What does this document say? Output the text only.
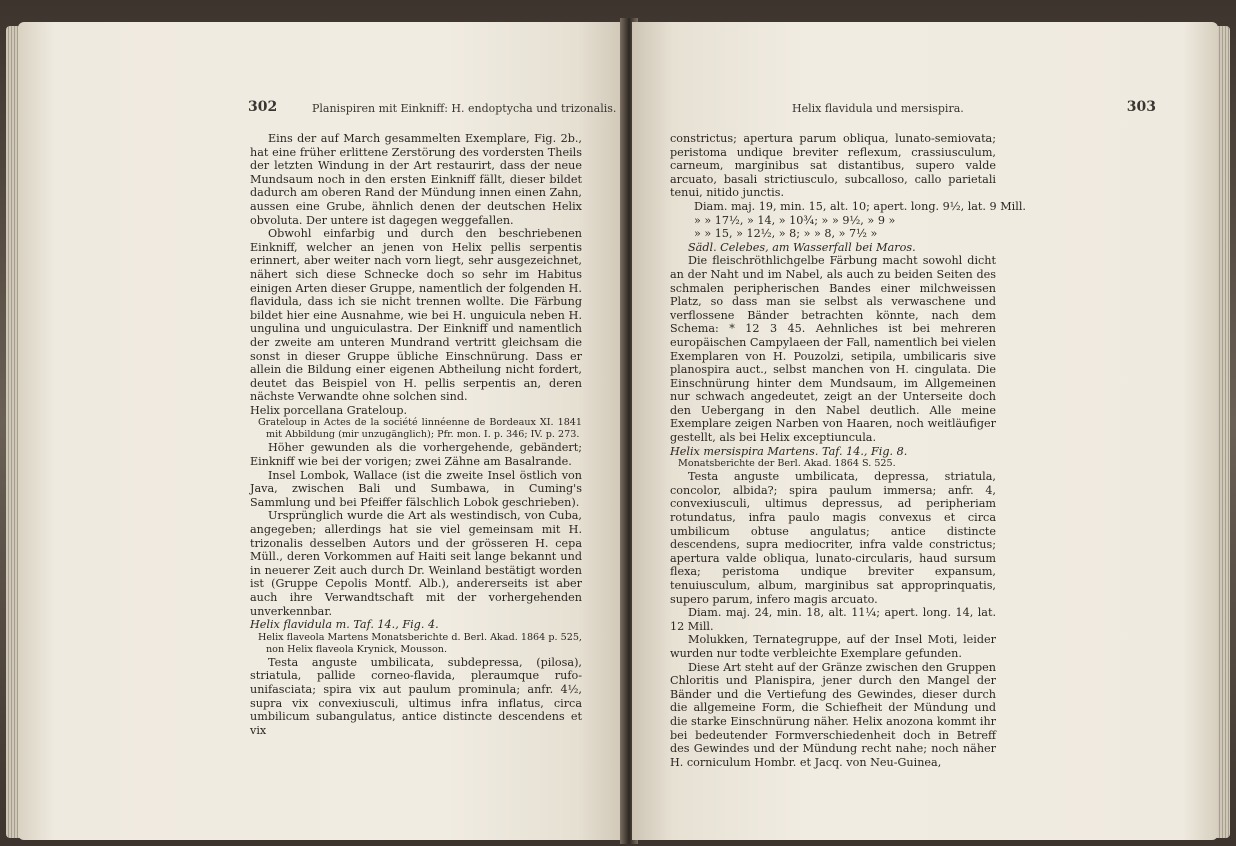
302	Planispiren mit Einkniff: H. endoptycha und trizonalis.

Eins der auf March gesammelten Exemplare, Fig. 2b., hat eine früher erlittene Zerstörung des vordersten Theils der letzten Windung in der Art restaurirt, dass der neue Mundsaum noch in den ersten Einkniff fällt, dieser bildet dadurch am oberen Rand der Mündung innen einen Zahn, aussen eine Grube, ähnlich denen der deutschen Helix obvoluta. Der untere ist dagegen weggefallen.

Obwohl einfarbig und durch den beschriebenen Einkniff, welcher an jenen von Helix pellis serpentis erinnert, aber weiter nach vorn liegt, sehr ausgezeichnet, nähert sich diese Schnecke doch so sehr im Habitus einigen Arten dieser Gruppe, namentlich der folgenden H. flavidula, dass ich sie nicht trennen wollte. Die Färbung bildet hier eine Ausnahme, wie bei H. unguicula neben H. ungulina und unguiculastra. Der Einkniff und namentlich der zweite am unteren Mundrand vertritt gleichsam die sonst in dieser Gruppe übliche Einschnürung. Dass er allein die Bildung einer eigenen Abtheilung nicht fordert, deutet das Beispiel von H. pellis serpentis an, deren nächste Verwandte ohne solchen sind.

Helix porcellana Grateloup.

Grateloup in Actes de la société linnéenne de Bordeaux XI. 1841 mit Abbildung (mir unzugänglich); Pfr. mon. I. p. 346; IV. p. 273.

Höher gewunden als die vorhergehende, gebändert; Einkniff wie bei der vorigen; zwei Zähne am Basalrande.

Insel Lombok, Wallace (ist die zweite Insel östlich von Java, zwischen Bali und Sumbawa, in Cuming's Sammlung und bei Pfeiffer fälschlich Lobok geschrieben).

Ursprünglich wurde die Art als westindisch, von Cuba, angegeben; allerdings hat sie viel gemeinsam mit H. trizonalis desselben Autors und der grösseren H. cepa Müll., deren Vorkommen auf Haiti seit lange bekannt und in neuerer Zeit auch durch Dr. Weinland bestätigt worden ist (Gruppe Cepolis Montf. Alb.), andererseits ist aber auch ihre Verwandtschaft mit der vorhergehenden unverkennbar.

Helix flavidula m. Taf. 14., Fig. 4.

Helix flaveola Martens Monatsberichte d. Berl. Akad. 1864 p. 525, non Helix flaveola Krynick, Mousson.

Testa anguste umbilicata, subdepressa, (pilosa), striatula, pallide corneo-flavida, pleraumque rufo-unifasciata; spira vix aut paulum prominula; anfr. 4½, supra vix convexiusculi, ultimus infra inflatus, circa umbilicum subangulatus, antice distincte descendens et vix

Helix flavidula und mersispira.	303

constrictus; apertura parum obliqua, lunato-semiovata; peristoma undique breviter reflexum, crassiusculum, carneum, marginibus sat distantibus, supero valde arcuato, basali strictiusculo, subcalloso, callo parietali tenui, nitido junctis.

Diam. maj. 19, min. 15, alt. 10; apert. long. 9½, lat. 9 Mill.

» » 17½, » 14, » 10¾; » » 9½, » 9 »

» » 15, » 12½, » 8; » » 8, » 7½ »

Sädl. Celebes, am Wasserfall bei Maros.

Die fleischröthlichgelbe Färbung macht sowohl dicht an der Naht und im Nabel, als auch zu beiden Seiten des schmalen peripherischen Bandes einer milchweissen Platz, so dass man sie selbst als verwaschene und verflossene Bänder betrachten könnte, nach dem Schema: * 12 3 45. Aehnliches ist bei mehreren europäischen Campylaeen der Fall, namentlich bei vielen Exemplaren von H. Pouzolzi, setipila, umbilicaris sive planospira auct., selbst manchen von H. cingulata. Die Einschnürung hinter dem Mundsaum, im Allgemeinen nur schwach angedeutet, zeigt an der Unterseite doch den Uebergang in den Nabel deutlich. Alle meine Exemplare zeigen Narben von Haaren, noch weitläufiger gestellt, als bei Helix exceptiuncula.

Helix mersispira Martens. Taf. 14., Fig. 8.

Monatsberichte der Berl. Akad. 1864 S. 525.

Testa anguste umbilicata, depressa, striatula, concolor, albida?; spira paulum immersa; anfr. 4, convexiusculi, ultimus depressus, ad peripheriam rotundatus, infra paulo magis convexus et circa umbilicum obtuse angulatus; antice distincte descendens, supra mediocriter, infra valde constrictus; apertura valde obliqua, lunato-circularis, haud sursum flexa; peristoma undique breviter expansum, tenuiusculum, album, marginibus sat approprinquatis, supero parum, infero magis arcuato.

Diam. maj. 24, min. 18, alt. 11¼; apert. long. 14, lat. 12 Mill.

Molukken, Ternategruppe, auf der Insel Moti, leider wurden nur todte verbleichte Exemplare gefunden.

Diese Art steht auf der Gränze zwischen den Gruppen Chloritis und Planispira, jener durch den Mangel der Bänder und die Vertiefung des Gewindes, dieser durch die allgemeine Form, die Schiefheit der Mündung und die starke Einschnürung näher. Helix anozona kommt ihr bei bedeutender Formverschiedenheit doch in Betreff des Gewindes und der Mündung recht nahe; noch näher H. corniculum Hombr. et Jacq. von Neu-Guinea,
